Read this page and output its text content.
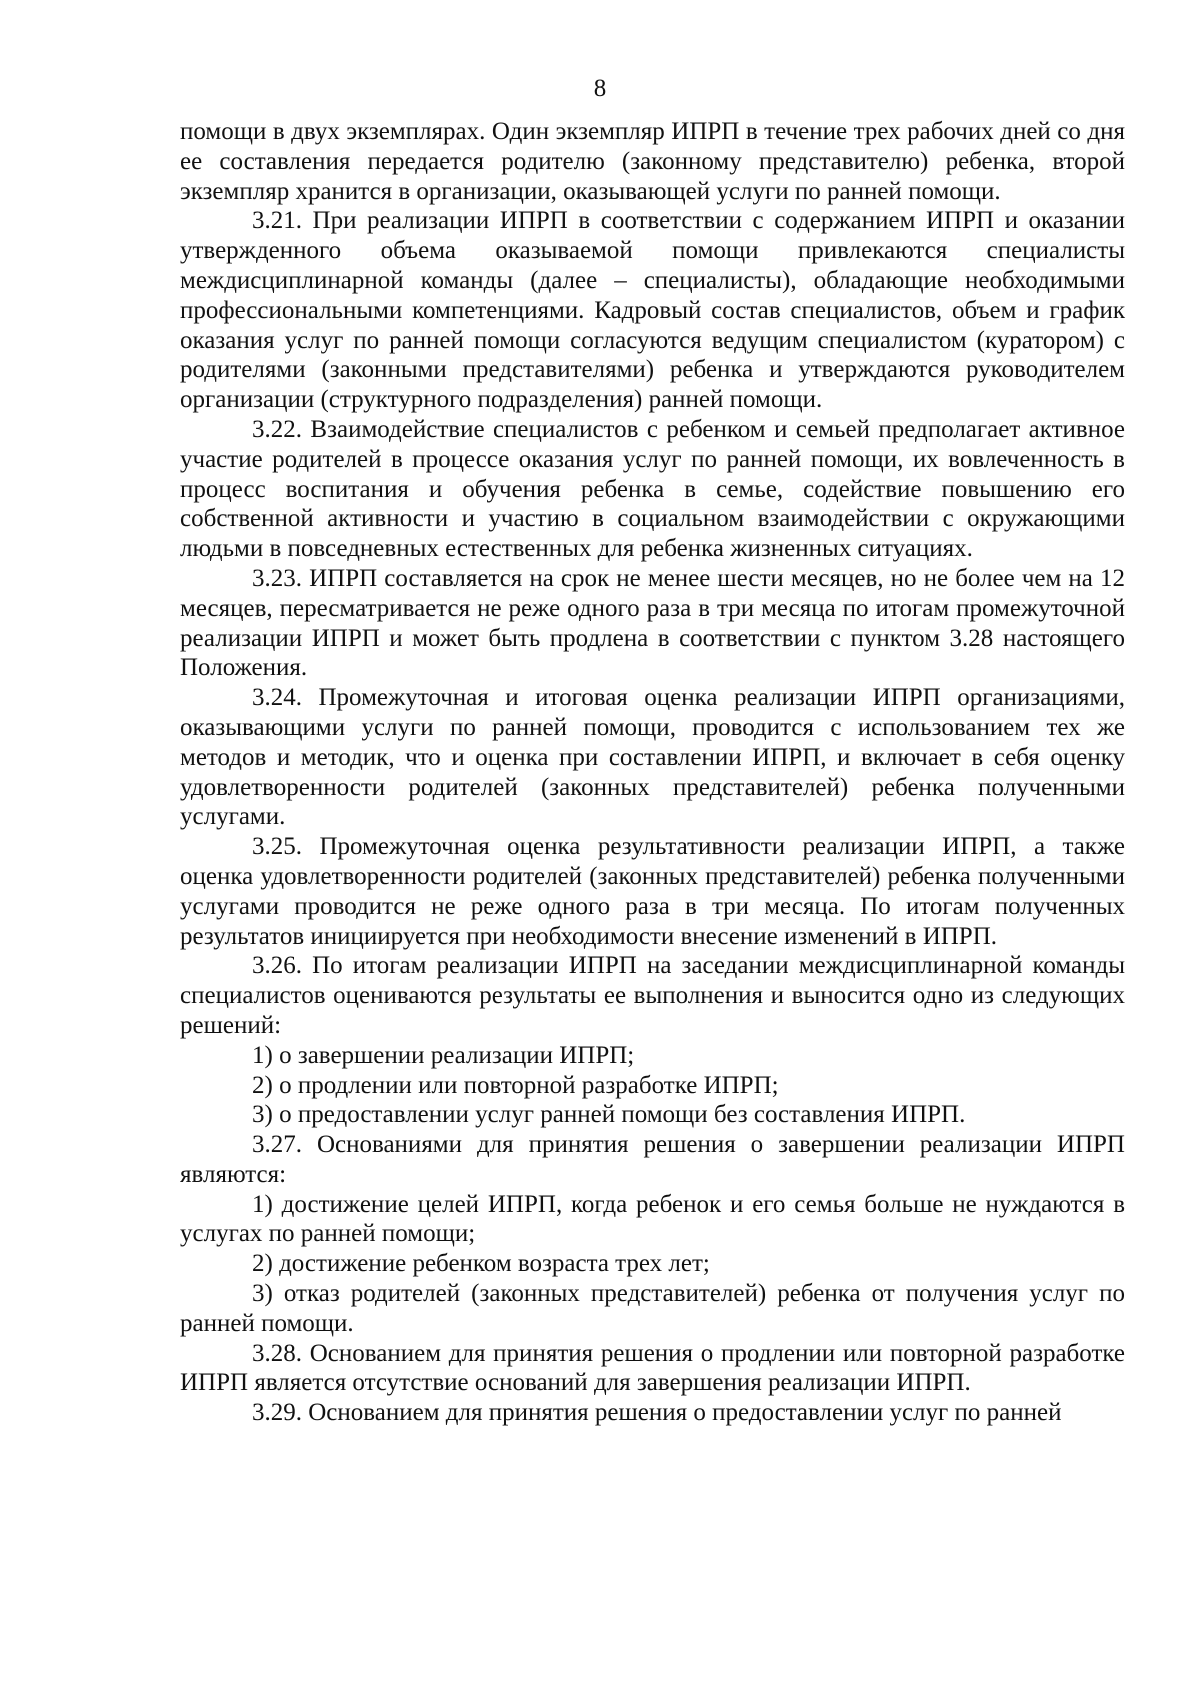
8

помощи в двух экземплярах. Один экземпляр ИПРП в течение трех рабочих дней со дня ее составления передается родителю (законному представителю) ребенка, второй экземпляр хранится в организации, оказывающей услуги по ранней помощи.

3.21. При реализации ИПРП в соответствии с содержанием ИПРП и оказании утвержденного объема оказываемой помощи привлекаются специалисты междисциплинарной команды (далее – специалисты), обладающие необходимыми профессиональными компетенциями. Кадровый состав специалистов, объем и график оказания услуг по ранней помощи согласуются ведущим специалистом (куратором) с родителями (законными представителями) ребенка и утверждаются руководителем организации (структурного подразделения) ранней помощи.

3.22. Взаимодействие специалистов с ребенком и семьей предполагает активное участие родителей в процессе оказания услуг по ранней помощи, их вовлеченность в процесс воспитания и обучения ребенка в семье, содействие повышению его собственной активности и участию в социальном взаимодействии с окружающими людьми в повседневных естественных для ребенка жизненных ситуациях.

3.23. ИПРП составляется на срок не менее шести месяцев, но не более чем на 12 месяцев, пересматривается не реже одного раза в три месяца по итогам промежуточной реализации ИПРП и может быть продлена в соответствии с пунктом 3.28 настоящего Положения.

3.24. Промежуточная и итоговая оценка реализации ИПРП организациями, оказывающими услуги по ранней помощи, проводится с использованием тех же методов и методик, что и оценка при составлении ИПРП, и включает в себя оценку удовлетворенности родителей (законных представителей) ребенка полученными услугами.

3.25. Промежуточная оценка результативности реализации ИПРП, а также оценка удовлетворенности родителей (законных представителей) ребенка полученными услугами проводится не реже одного раза в три месяца. По итогам полученных результатов инициируется при необходимости внесение изменений в ИПРП.

3.26. По итогам реализации ИПРП на заседании междисциплинарной команды специалистов оцениваются результаты ее выполнения и выносится одно из следующих решений:

1) о завершении реализации ИПРП;

2) о продлении или повторной разработке ИПРП;

3) о предоставлении услуг ранней помощи без составления ИПРП.

3.27. Основаниями для принятия решения о завершении реализации ИПРП являются:

1) достижение целей ИПРП, когда ребенок и его семья больше не нуждаются в услугах по ранней помощи;

2) достижение ребенком возраста трех лет;

3) отказ родителей (законных представителей) ребенка от получения услуг по ранней помощи.

3.28. Основанием для принятия решения о продлении или повторной разработке ИПРП является отсутствие оснований для завершения реализации ИПРП.

3.29. Основанием для принятия решения о предоставлении услуг по ранней
